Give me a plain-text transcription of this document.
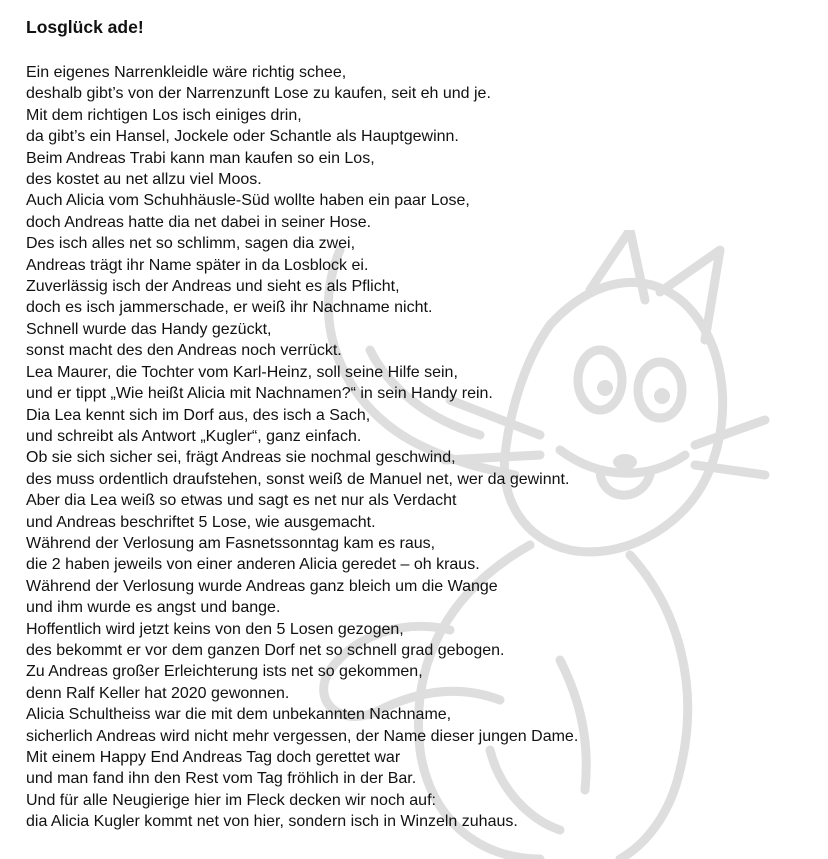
Losglück ade!
Ein eigenes Narrenkleidle wäre richtig schee,
deshalb gibt’s von der Narrenzunft Lose zu kaufen, seit eh und je.
Mit dem richtigen Los isch einiges drin,
da gibt’s ein Hansel, Jockele oder Schantle als Hauptgewinn.
Beim Andreas Trabi kann man kaufen so ein Los,
des kostet au net allzu viel Moos.
Auch Alicia vom Schuhhäusle-Süd wollte haben ein paar Lose,
doch Andreas hatte dia net dabei in seiner Hose.
Des isch alles net so schlimm, sagen dia zwei,
Andreas trägt ihr Name später in da Losblock ei.
Zuverlässig isch der Andreas und sieht es als Pflicht,
doch es isch jammerschade, er weiß ihr Nachname nicht.
Schnell wurde das Handy gezückt,
sonst macht des den Andreas noch verrückt.
Lea Maurer, die Tochter vom Karl-Heinz, soll seine Hilfe sein,
und er tippt „Wie heißt Alicia mit Nachnamen?“ in sein Handy rein.
Dia Lea kennt sich im Dorf aus, des isch a Sach,
und schreibt als Antwort „Kugler“, ganz einfach.
Ob sie sich sicher sei, frägt Andreas sie nochmal geschwind,
des muss ordentlich draufstehen, sonst weiß de Manuel net, wer da gewinnt.
Aber dia Lea weiß so etwas und sagt es net nur als Verdacht
und Andreas beschriftet 5 Lose, wie ausgemacht.
Während der Verlosung am Fasnetssonntag kam es raus,
die 2 haben jeweils von einer anderen Alicia geredet – oh kraus.
Während der Verlosung wurde Andreas ganz bleich um die Wange
und ihm wurde es angst und bange.
Hoffentlich wird jetzt keins von den 5 Losen gezogen,
des bekommt er vor dem ganzen Dorf net so schnell grad gebogen.
Zu Andreas großer Erleichterung ists net so gekommen,
denn Ralf Keller hat 2020 gewonnen.
Alicia Schultheiss war die mit dem unbekannten Nachname,
sicherlich Andreas wird nicht mehr vergessen, der Name dieser jungen Dame.
Mit einem Happy End Andreas Tag doch gerettet war
und man fand ihn den Rest vom Tag fröhlich in der Bar.
Und für alle Neugierige hier im Fleck decken wir noch auf:
dia Alicia Kugler kommt net von hier, sondern isch in Winzeln zuhaus.
